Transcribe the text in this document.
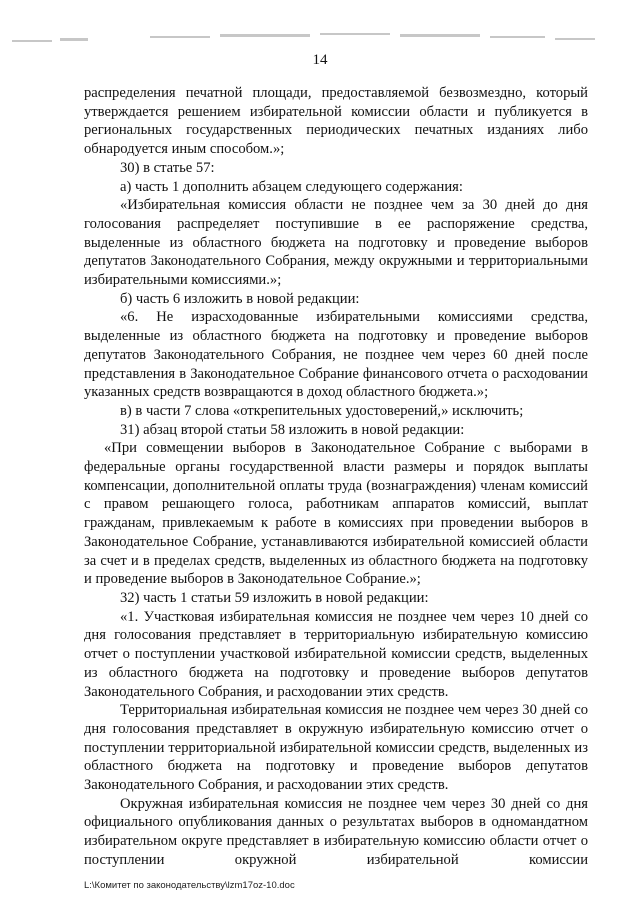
14

распределения печатной площади, предоставляемой безвозмездно, который утверждается решением избирательной комиссии области и публикуется в региональных государственных периодических печатных изданиях либо обнародуется иным способом.»;

30) в статье 57:

а) часть 1 дополнить абзацем следующего содержания:

«Избирательная комиссия области не позднее чем за 30 дней до дня голосования распределяет поступившие в ее распоряжение средства, выделенные из областного бюджета на подготовку и проведение выборов депутатов Законодательного Собрания, между окружными и территориальными избирательными комиссиями.»;

б) часть 6 изложить в новой редакции:

«6. Не израсходованные избирательными комиссиями средства, выделенные из областного бюджета на подготовку и проведение выборов депутатов Законодательного Собрания, не позднее чем через 60 дней после представления в Законодательное Собрание финансового отчета о расходовании указанных средств возвращаются в доход областного бюджета.»;

в) в части 7 слова «открепительных удостоверений,» исключить;

31) абзац второй статьи 58 изложить в новой редакции:

«При совмещении выборов в Законодательное Собрание с выборами в федеральные органы государственной власти размеры и порядок выплаты компенсации, дополнительной оплаты труда (вознаграждения) членам комиссий с правом решающего голоса, работникам аппаратов комиссий, выплат гражданам, привлекаемым к работе в комиссиях при проведении выборов в Законодательное Собрание, устанавливаются избирательной комиссией области за счет и в пределах средств, выделенных из областного бюджета на подготовку и проведение выборов в Законодательное Собрание.»;

32) часть 1 статьи 59 изложить в новой редакции:

«1. Участковая избирательная комиссия не позднее чем через 10 дней со дня голосования представляет в территориальную избирательную комиссию отчет о поступлении участковой избирательной комиссии средств, выделенных из областного бюджета на подготовку и проведение выборов депутатов Законодательного Собрания, и расходовании этих средств.

Территориальная избирательная комиссия не позднее чем через 30 дней со дня голосования представляет в окружную избирательную комиссию отчет о поступлении территориальной избирательной комиссии средств, выделенных из областного бюджета на подготовку и проведение выборов депутатов Законодательного Собрания, и расходовании этих средств.

Окружная избирательная комиссия не позднее чем через 30 дней со дня официального опубликования данных о результатах выборов в одномандатном избирательном округе представляет в избирательную комиссию области отчет о поступлении окружной избирательной комиссии

L:\Комитет по законодательству\lzm17oz-10.doc
